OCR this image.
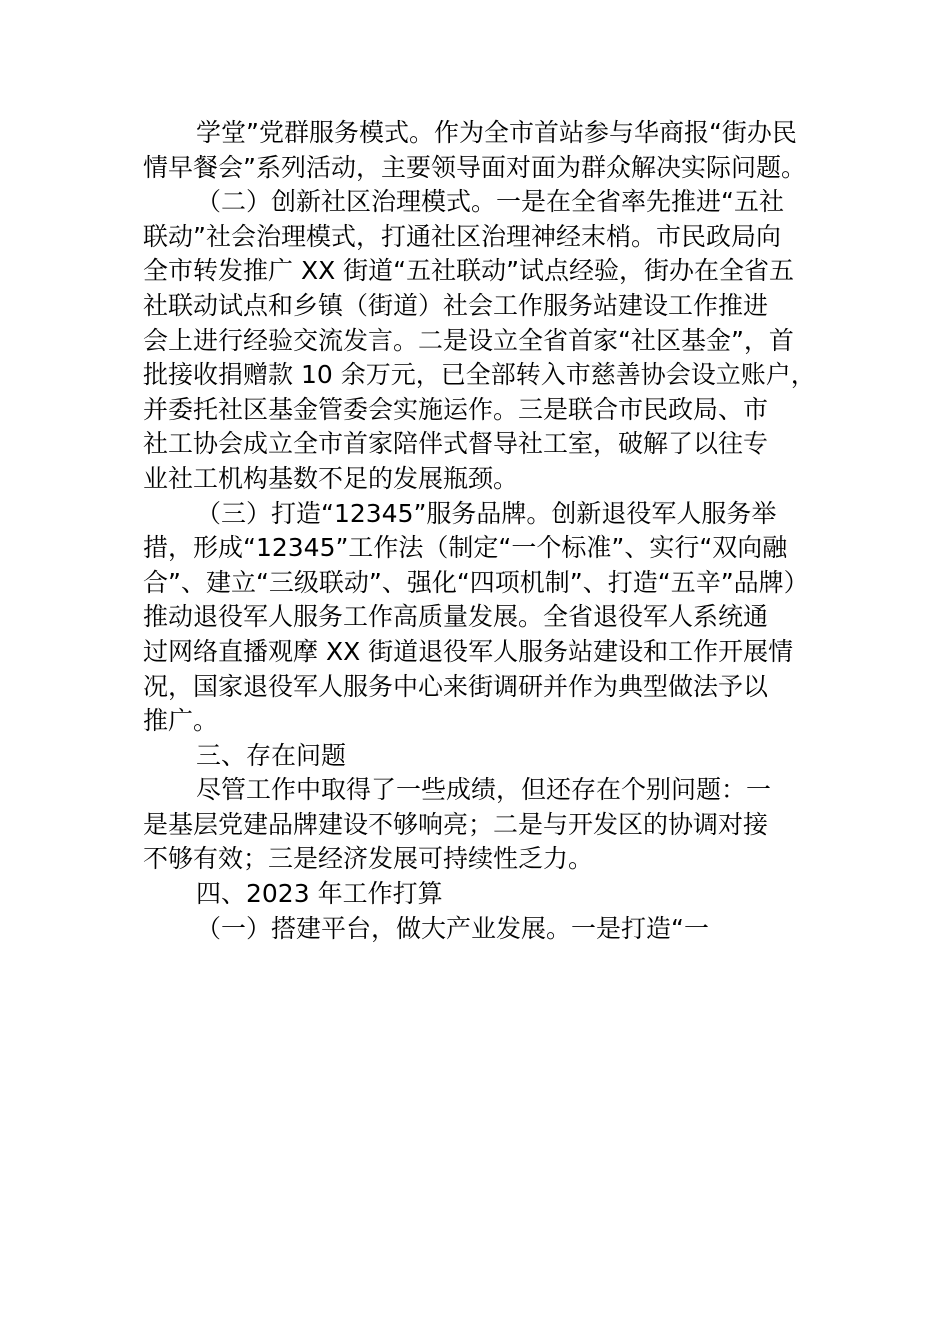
学堂”党群服务模式。作为全市首站参与华商报“街办民
情早餐会”系列活动，主要领导面对面为群众解决实际问题。
（二）创新社区治理模式。一是在全省率先推进“五社
联动”社会治理模式，打通社区治理神经末梢。市民政局向
全市转发推广 XX 街道“五社联动”试点经验，街办在全省五
社联动试点和乡镇（街道）社会工作服务站建设工作推进
会上进行经验交流发言。二是设立全省首家“社区基金”，首
批接收捐赠款 10 余万元，已全部转入市慈善协会设立账户，
并委托社区基金管委会实施运作。三是联合市民政局、市
社工协会成立全市首家陪伴式督导社工室，破解了以往专
业社工机构基数不足的发展瓶颈。
（三）打造“12345”服务品牌。创新退役军人服务举
措，形成“12345”工作法（制定“一个标准”、实行“双向融
合”、建立“三级联动”、强化“四项机制”、打造“五辛”品牌）
推动退役军人服务工作高质量发展。全省退役军人系统通
过网络直播观摩 XX 街道退役军人服务站建设和工作开展情
况，国家退役军人服务中心来街调研并作为典型做法予以
推广。
三、存在问题
尽管工作中取得了一些成绩，但还存在个别问题：一
是基层党建品牌建设不够响亮；二是与开发区的协调对接
不够有效；三是经济发展可持续性乏力。
四、2023 年工作打算
（一）搭建平台，做大产业发展。一是打造“一
